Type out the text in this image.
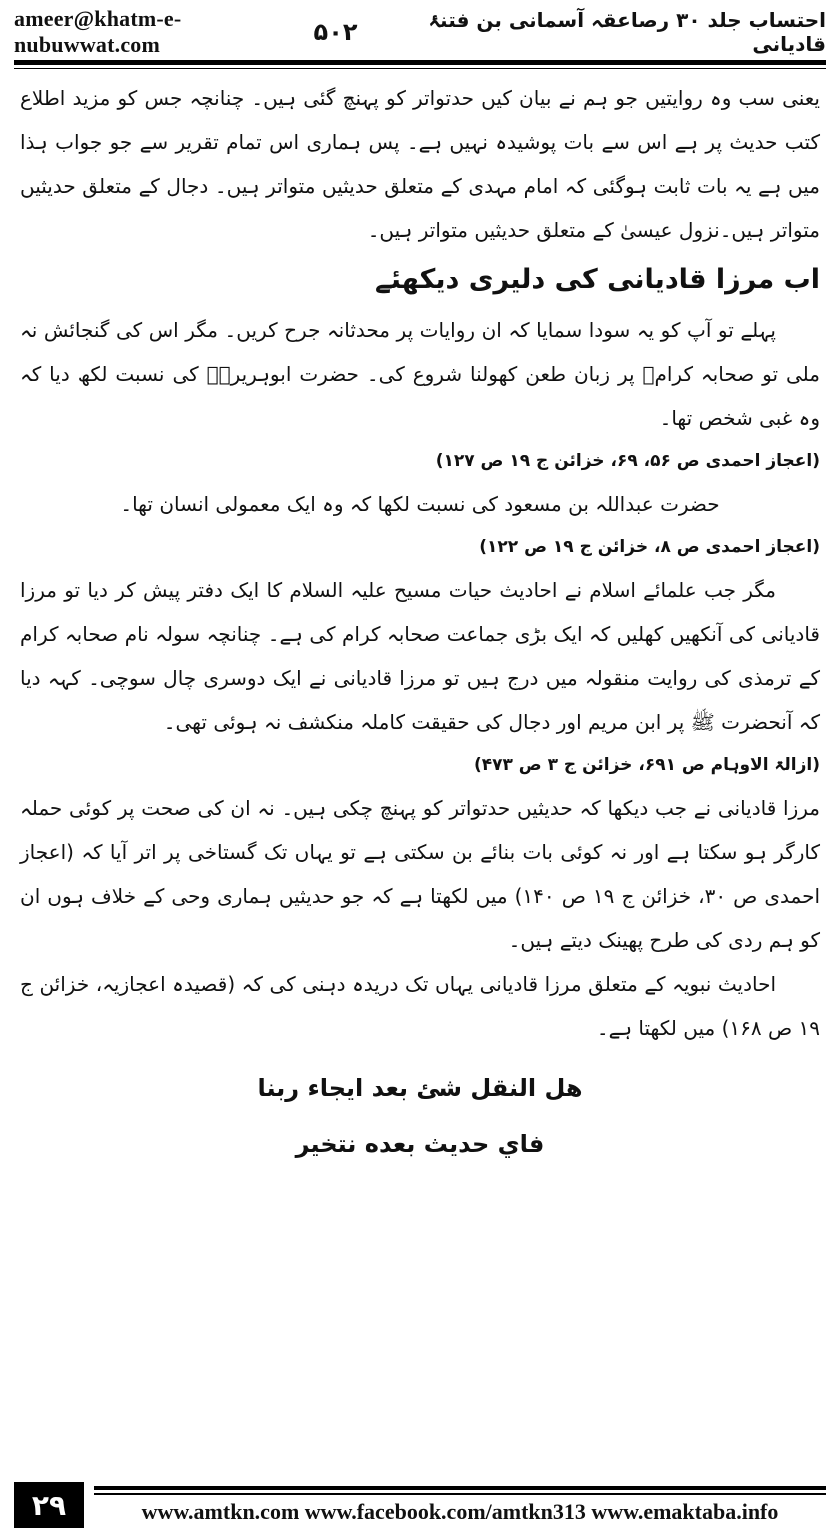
ameer@khatm-e-nubuwwat.com
احتساب جلد ۳۰ رصاعقہ آسمانی بن فتنۂ قادیانی
۵۰۲

یعنی سب وہ روایتیں جو ہم نے بیان کیں حدتواتر کو پہنچ گئی ہیں۔ چنانچہ جس کو مزید اطلاع کتب حدیث پر ہے اس سے بات پوشیدہ نہیں ہے۔ پس ہماری اس تمام تقریر سے جو جواب ہذا میں ہے یہ بات ثابت ہوگئی کہ امام مہدی کے متعلق حدیثیں متواتر ہیں۔ دجال کے متعلق حدیثیں متواتر ہیں۔نزول عیسیٰ کے متعلق حدیثیں متواتر ہیں۔

اب مرزا قادیانی کی دلیری دیکھئے

پہلے تو آپ کو یہ سودا سمایا کہ ان روایات پر محدثانہ جرح کریں۔ مگر اس کی گنجائش نہ ملی تو صحابہ کرامؓ پر زبان طعن کھولنا شروع کی۔ حضرت ابوہریرہؓ کی نسبت لکھ دیا کہ وہ غبی شخص تھا۔

(اعجاز احمدی ص ۵۶، ۶۹، خزائن ج ۱۹ ص ۱۲۷)

حضرت عبداللہ بن مسعود کی نسبت لکھا کہ وہ ایک معمولی انسان تھا۔

(اعجاز احمدی ص ۸، خزائن ج ۱۹ ص ۱۲۲)

مگر جب علمائے اسلام نے احادیث حیات مسیح علیہ السلام کا ایک دفتر پیش کر دیا تو مرزا قادیانی کی آنکھیں کھلیں کہ ایک بڑی جماعت صحابہ کرام کی ہے۔ چنانچہ سولہ نام صحابہ کرام کے ترمذی کی روایت منقولہ میں درج ہیں تو مرزا قادیانی نے ایک دوسری چال سوچی۔ کہہ دیا کہ آنحضرت ﷺ پر ابن مریم اور دجال کی حقیقت کاملہ منکشف نہ ہوئی تھی۔

(ازالۃ الاوہام ص ۶۹۱، خزائن ج ۳ ص ۴۷۳)

مرزا قادیانی نے جب دیکھا کہ حدیثیں حدتواتر کو پہنچ چکی ہیں۔ نہ ان کی صحت پر کوئی حملہ کارگر ہو سکتا ہے اور نہ کوئی بات بنائے بن سکتی ہے تو یہاں تک گستاخی پر اتر آیا کہ (اعجاز احمدی ص ۳۰، خزائن ج ۱۹ ص ۱۴۰) میں لکھتا ہے کہ جو حدیثیں ہماری وحی کے خلاف ہوں ان کو ہم ردی کی طرح پھینک دیتے ہیں۔

احادیث نبویہ کے متعلق مرزا قادیانی یہاں تک دریدہ دہنی کی کہ (قصیدہ اعجازیہ، خزائن ج ۱۹ ص ۱۶۸) میں لکھتا ہے۔

هل النقل شئ بعد ايجاء ربنا

فاي حديث بعده نتخير

۲۹	www.amtkn.com www.facebook.com/amtkn313 www.emaktaba.info
